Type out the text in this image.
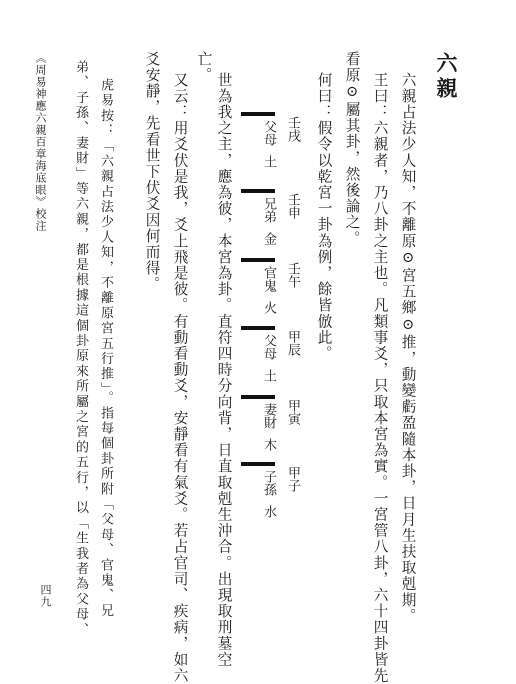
六親
六親占法少人知，不離原⊙宮五鄉⊙推，動變虧盈隨本卦，日月生扶取剋期。
王曰：六親者，乃八卦之主也。凡類事爻，只取本宮為實。一宮管八卦，六十四卦皆先
看原⊙屬其卦，然後論之。
何曰：假令以乾宮一卦為例，餘皆倣此。
壬戌
父母
土
壬申
兄弟
金
壬午
官鬼
火
甲辰
父母
土
甲寅
妻財
木
甲子
子孫
水
世為我之主，應為彼，本宮為卦。直符四時分向背，日直取剋生沖合。出現取刑墓空
亡。
又云：用爻伏是我，爻上飛是彼。有動看動爻，安靜看有氣爻。若占官司、疾病，如六
爻安靜，先看世下伏爻因何而得。
虎易按：「六親占法少人知，不離原宮五行推」。指每個卦所附「父母、官鬼、兄
弟、子孫、妻財」等六親，都是根據這個卦原來所屬之宮的五行，以「生我者為父母、
《周易神應六親百章海底眼》校注
四九
